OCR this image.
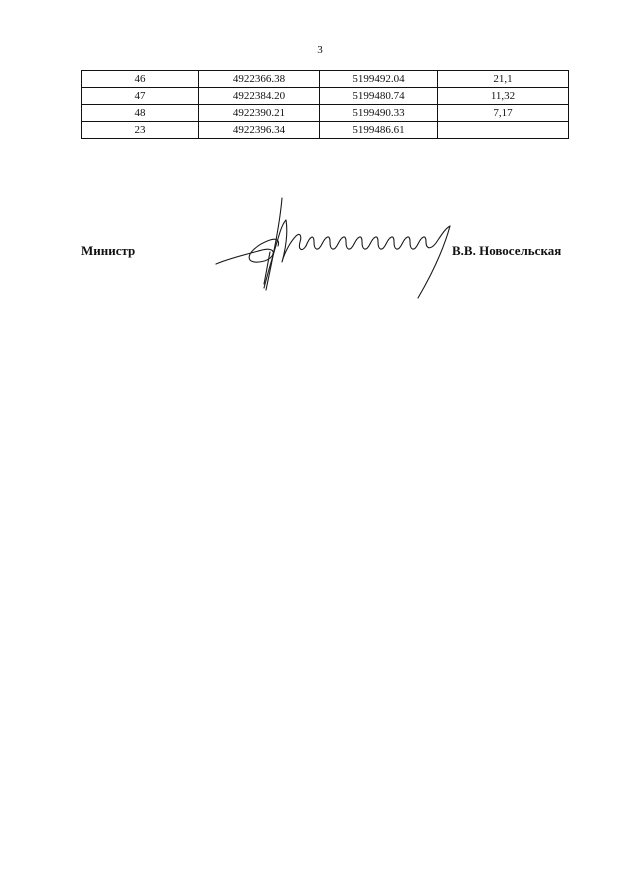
3
46	4922366.38	5199492.04	21,1
47	4922384.20	5199480.74	11,32
48	4922390.21	5199490.33	7,17
23	4922396.34	5199486.61	
Министр	В.В. Новосельская
